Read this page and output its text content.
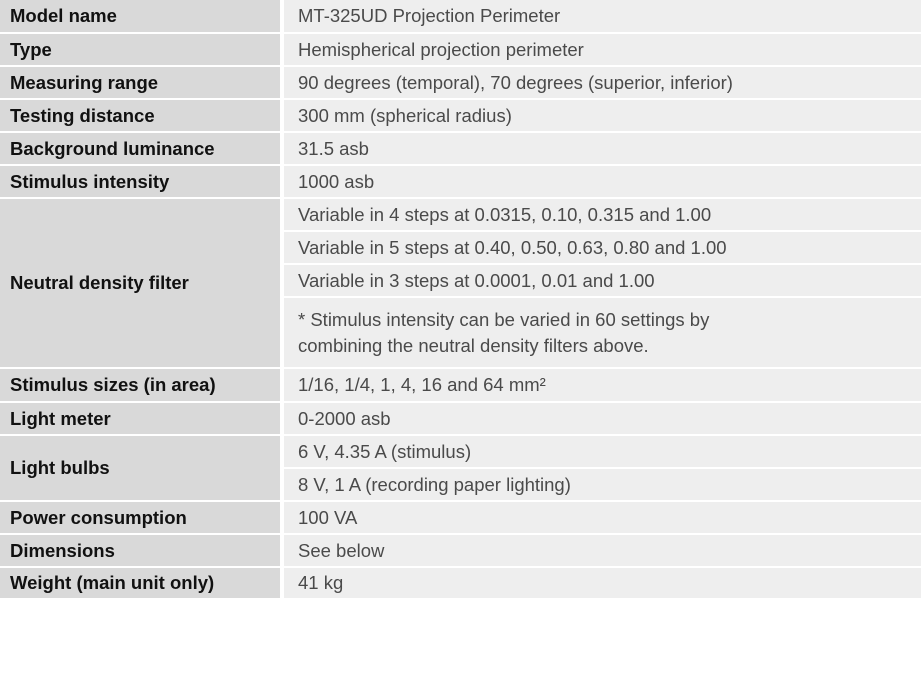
Model name	MT-325UD Projection Perimeter
Type	Hemispherical projection perimeter
Measuring range	90 degrees (temporal), 70 degrees (superior, inferior)
Testing distance	300 mm (spherical radius)
Background luminance	31.5 asb
Stimulus intensity	1000 asb
Neutral density filter	Variable in 4 steps at 0.0315, 0.10, 0.315 and 1.00
	Variable in 5 steps at 0.40, 0.50, 0.63, 0.80 and 1.00
	Variable in 3 steps at 0.0001, 0.01 and 1.00

	* Stimulus intensity can be varied in 60 settings by
combining the neutral density filters above.

Stimulus sizes (in area)	1/16, 1/4, 1, 4, 16 and 64 mm²
Light meter	0-2000 asb
Light bulbs	6 V, 4.35 A (stimulus)
	8 V, 1 A (recording paper lighting)
Power consumption	100 VA
Dimensions	See below
Weight (main unit only)	41 kg
